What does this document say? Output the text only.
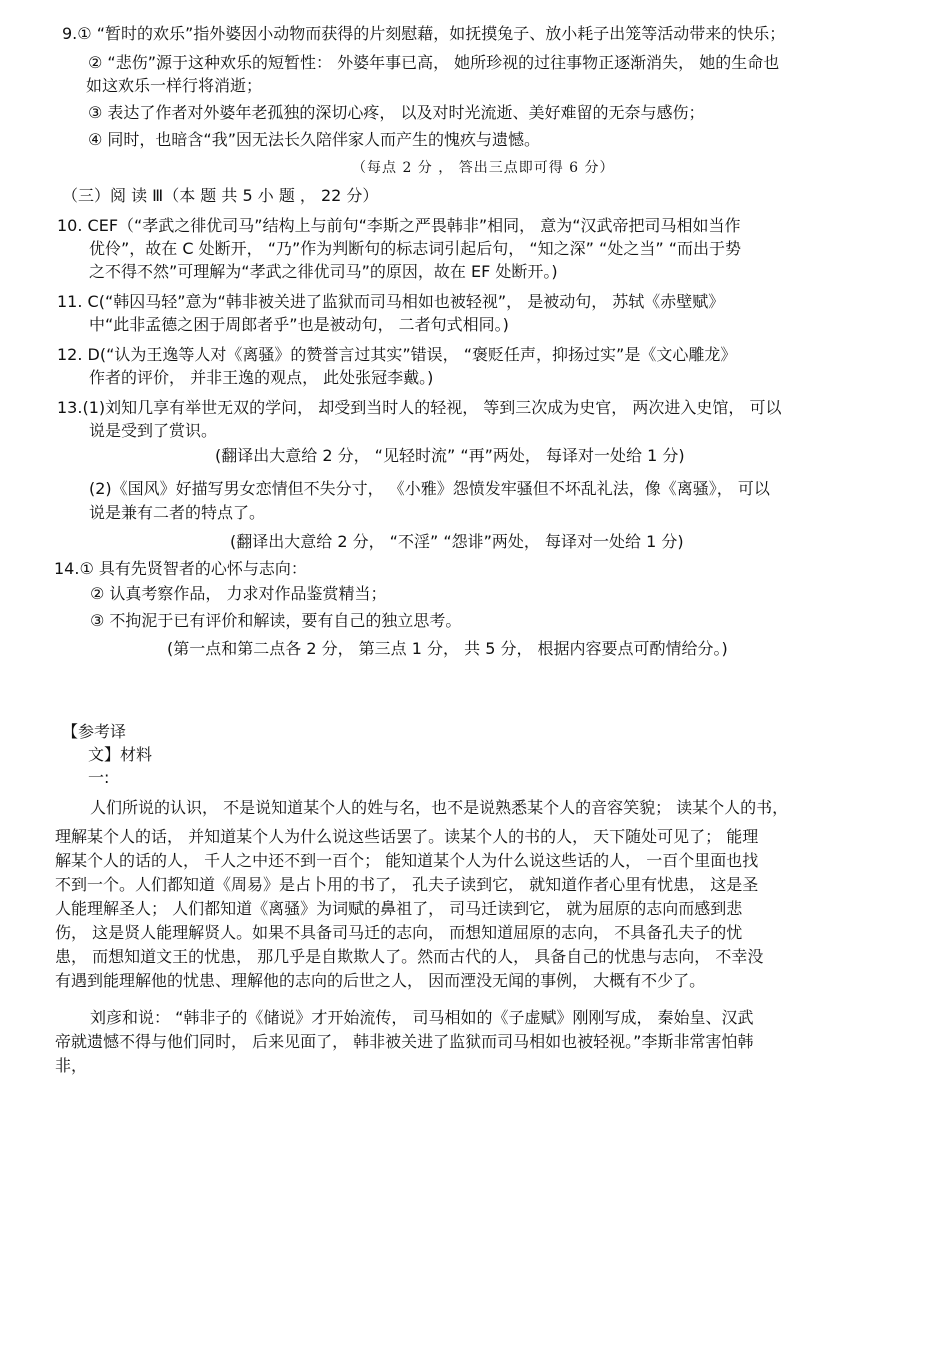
9.① “暂时的欢乐”指外婆因小动物而获得的片刻慰藉，如抚摸兔子、放小耗子出笼等活动带来的快乐；
② “悲伤”源于这种欢乐的短暂性： 外婆年事已高， 她所珍视的过往事物正逐渐消失， 她的生命也
如这欢乐一样行将消逝；
③ 表达了作者对外婆年老孤独的深切心疼， 以及对时光流逝、美好难留的无奈与感伤；
④ 同时，也暗含“我”因无法长久陪伴家人而产生的愧疚与遗憾。
（每点 2 分 ， 答出三点即可得 6 分）
（三）阅 读 Ⅲ（本 题 共 5 小 题 ， 22 分）
10. CEF（“孝武之徘优司马”结构上与前句“李斯之严畏韩非”相同， 意为“汉武帝把司马相如当作
优伶”，故在 C 处断开， “乃”作为判断句的标志词引起后句， “知之深” “处之当” “而出于势
之不得不然”可理解为“孝武之徘优司马”的原因，故在 EF 处断开。)
11. C(“韩囚马轻”意为“韩非被关进了监狱而司马相如也被轻视”， 是被动句， 苏轼《赤壁赋》
中“此非孟德之困于周郎者乎”也是被动句， 二者句式相同。)
12. D(“认为王逸等人对《离骚》的赞誉言过其实”错误， “褒贬任声，抑扬过实”是《文心雕龙》
作者的评价， 并非王逸的观点， 此处张冠李戴。)
13.(1)刘知几享有举世无双的学问， 却受到当时人的轻视， 等到三次成为史官， 两次进入史馆， 可以
说是受到了赏识。
(翻译出大意给 2 分， “见轻时流” “再”两处， 每译对一处给 1 分)
(2)《国风》好描写男女恋情但不失分寸， 《小雅》怨愤发牢骚但不坏乱礼法，像《离骚》， 可以
说是兼有二者的特点了。
(翻译出大意给 2 分， “不淫” “怨诽”两处， 每译对一处给 1 分)
14.① 具有先贤智者的心怀与志向：
② 认真考察作品， 力求对作品鉴赏精当；
③ 不拘泥于已有评价和解读，要有自己的独立思考。
(第一点和第二点各 2 分， 第三点 1 分， 共 5 分， 根据内容要点可酌情给分。)
【参考译
文】材料
一:
人们所说的认识， 不是说知道某个人的姓与名，也不是说熟悉某个人的音容笑貌； 读某个人的书，
理解某个人的话， 并知道某个人为什么说这些话罢了。读某个人的书的人， 天下随处可见了； 能理
解某个人的话的人， 千人之中还不到一百个； 能知道某个人为什么说这些话的人， 一百个里面也找
不到一个。人们都知道《周易》是占卜用的书了， 孔夫子读到它， 就知道作者心里有忧患， 这是圣
人能理解圣人； 人们都知道《离骚》为词赋的鼻祖了， 司马迁读到它， 就为屈原的志向而感到悲
伤， 这是贤人能理解贤人。如果不具备司马迁的志向， 而想知道屈原的志向， 不具备孔夫子的忧
患， 而想知道文王的忧患， 那几乎是自欺欺人了。然而古代的人， 具备自己的忧患与志向， 不幸没
有遇到能理解他的忧患、理解他的志向的后世之人， 因而湮没无闻的事例， 大概有不少了。
刘彦和说： “韩非子的《储说》才开始流传， 司马相如的《子虚赋》刚刚写成， 秦始皇、汉武
帝就遗憾不得与他们同时， 后来见面了， 韩非被关进了监狱而司马相如也被轻视。”李斯非常害怕韩
非，
